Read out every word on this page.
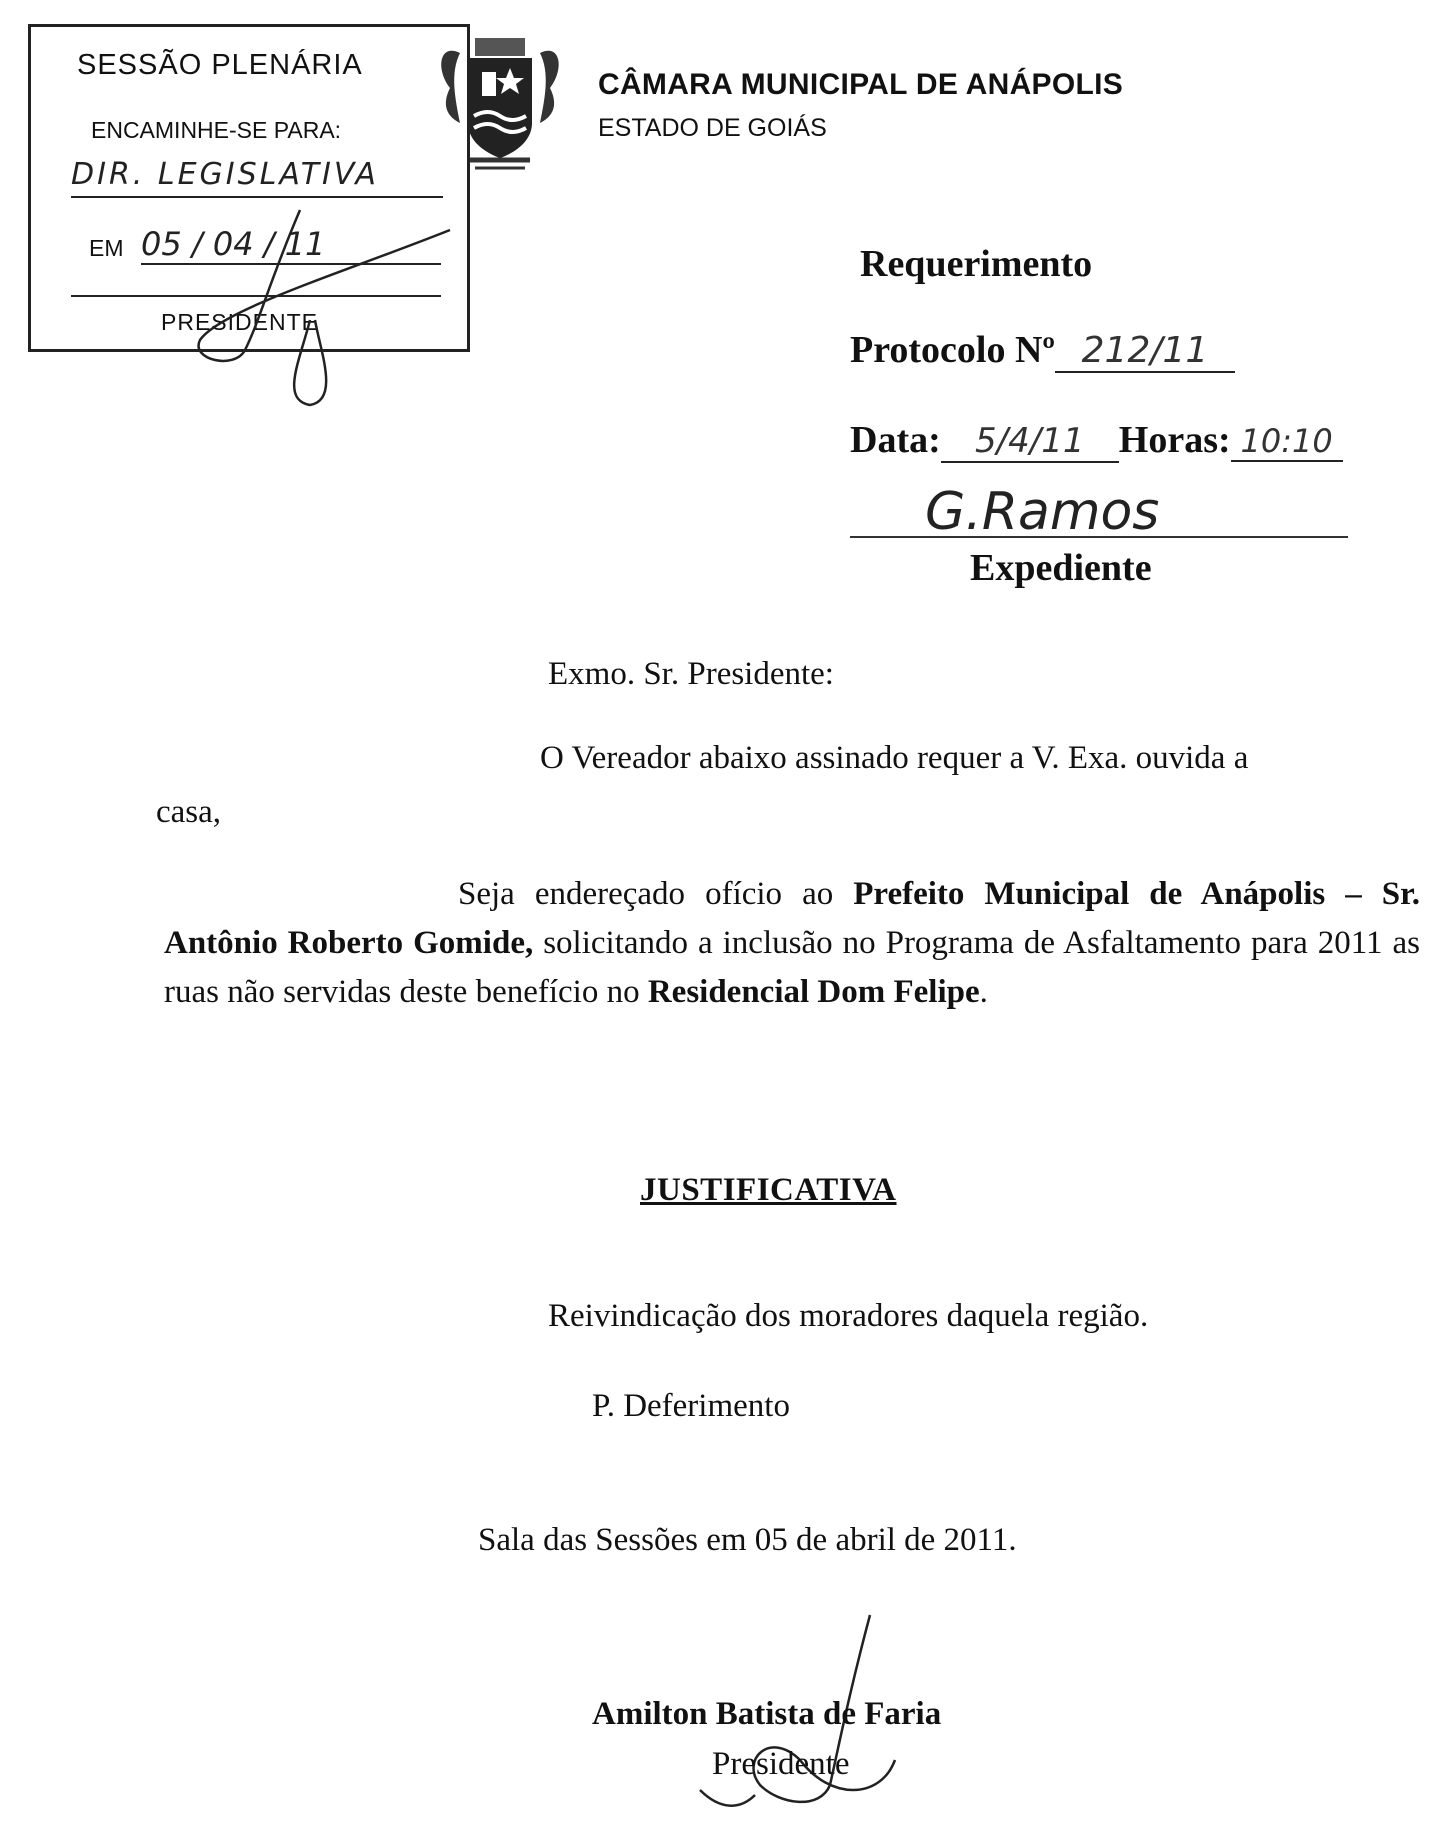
SESSÃO PLENÁRIA
ENCAMINHE-SE PARA:
DIR. LEGISLATIVA
EM 05 / 04 / 11
PRESIDENTE
CÂMARA MUNICIPAL DE ANÁPOLIS
ESTADO DE GOIÁS
Requerimento
Protocolo Nº 212/11
Data: 5/4/11 Horas: 10:10
G.Ramos
Expediente
Exmo. Sr. Presidente:
O Vereador abaixo assinado requer a V. Exa. ouvida a
casa,
Seja endereçado ofício ao Prefeito Municipal de Anápolis – Sr. Antônio Roberto Gomide, solicitando a inclusão no Programa de Asfaltamento para 2011 as ruas não servidas deste benefício no Residencial Dom Felipe.
JUSTIFICATIVA
Reivindicação dos moradores daquela região.
P. Deferimento
Sala das Sessões em 05 de abril de 2011.
Amilton Batista de Faria
Presidente
